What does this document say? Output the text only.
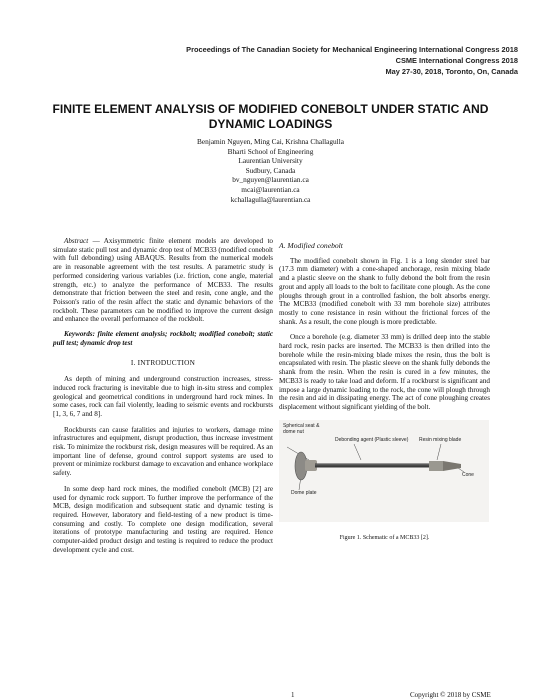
Proceedings of The Canadian Society for Mechanical Engineering International Congress 2018
CSME International Congress 2018
May 27-30, 2018, Toronto, On, Canada
FINITE ELEMENT ANALYSIS OF MODIFIED CONEBOLT UNDER STATIC AND DYNAMIC LOADINGS
Benjamin Nguyen, Ming Cai, Krishna Challagulla
Bharti School of Engineering
Laurentian University
Sudbury, Canada
bv_nguyen@laurentian.ca
mcai@laurentian.ca
kchallagulla@laurentian.ca

Abstract — Axisymmetric finite element models are developed to simulate static pull test and dynamic drop test of MCB33 (modified conebolt with full debonding) using ABAQUS. Results from the numerical models are in reasonable agreement with the test results. A parametric study is performed considering various variables (i.e. friction, cone angle, material strength, etc.) to analyze the performance of MCB33. The results demonstrate that friction between the steel and resin, cone angle, and the Poisson's ratio of the resin affect the static and dynamic behaviors of the rockbolt. These parameters can be modified to improve the current design and enhance the overall performance of the rockbolt.

Keywords: finite element analysis; rockbolt; modified conebolt; static pull test; dynamic drop test

I. INTRODUCTION

As depth of mining and underground construction increases, stress-induced rock fracturing is inevitable due to high in-situ stress and complex geological and geometrical conditions in underground hard rock mines. In some cases, rock can fail violently, leading to seismic events and rockbursts [1, 3, 6, 7 and 8].

Rockbursts can cause fatalities and injuries to workers, damage mine infrastructures and equipment, disrupt production, thus increase investment risk. To minimize the rockburst risk, design measures will be required. As an important line of defense, ground control support systems are used to prevent or minimize rockburst damage to excavation and enhance workplace safety.

In some deep hard rock mines, the modified conebolt (MCB) [2] are used for dynamic rock support. To further improve the performance of the MCB, design modification and subsequent static and dynamic testing is required. However, laboratory and field-testing of a new product is time-consuming and costly. To complete one design modification, several iterations of prototype manufacturing and testing are required. Hence computer-aided product design and testing is required to reduce the product development cycle and cost.

A. Modified conebolt

The modified conebolt shown in Fig. 1 is a long slender steel bar (17.3 mm diameter) with a cone-shaped anchorage, resin mixing blade and a plastic sleeve on the shank to fully debond the bolt from the resin grout and apply all loads to the bolt to facilitate cone plough. As the cone ploughs through grout in a controlled fashion, the bolt absorbs energy. The MCB33 (modified conebolt with 33 mm borehole size) attributes mostly to cone resistance in resin without the frictional forces of the shank. As a result, the cone plough is more predictable.

Once a borehole (e.g. diameter 33 mm) is drilled deep into the stable hard rock, resin packs are inserted. The MCB33 is then drilled into the borehole while the resin-mixing blade mixes the resin, thus the bolt is encapsulated with resin. The plastic sleeve on the shank fully debonds the shank from the resin. When the resin is cured in a few minutes, the MCB33 is ready to take load and deform. If a rockburst is significant and impose a large dynamic loading to the rock, the cone will plough through the resin and aid in dissipating energy. The act of cone ploughing creates displacement without significant yielding of the bolt.

Spherical seat &
dome nut
Debonding agent (Plastic sleeve) Resin mixing blade
Cone
Dome plate
Figure 1. Schematic of a MCB33 [2].
1	Copyright © 2018 by CSME
